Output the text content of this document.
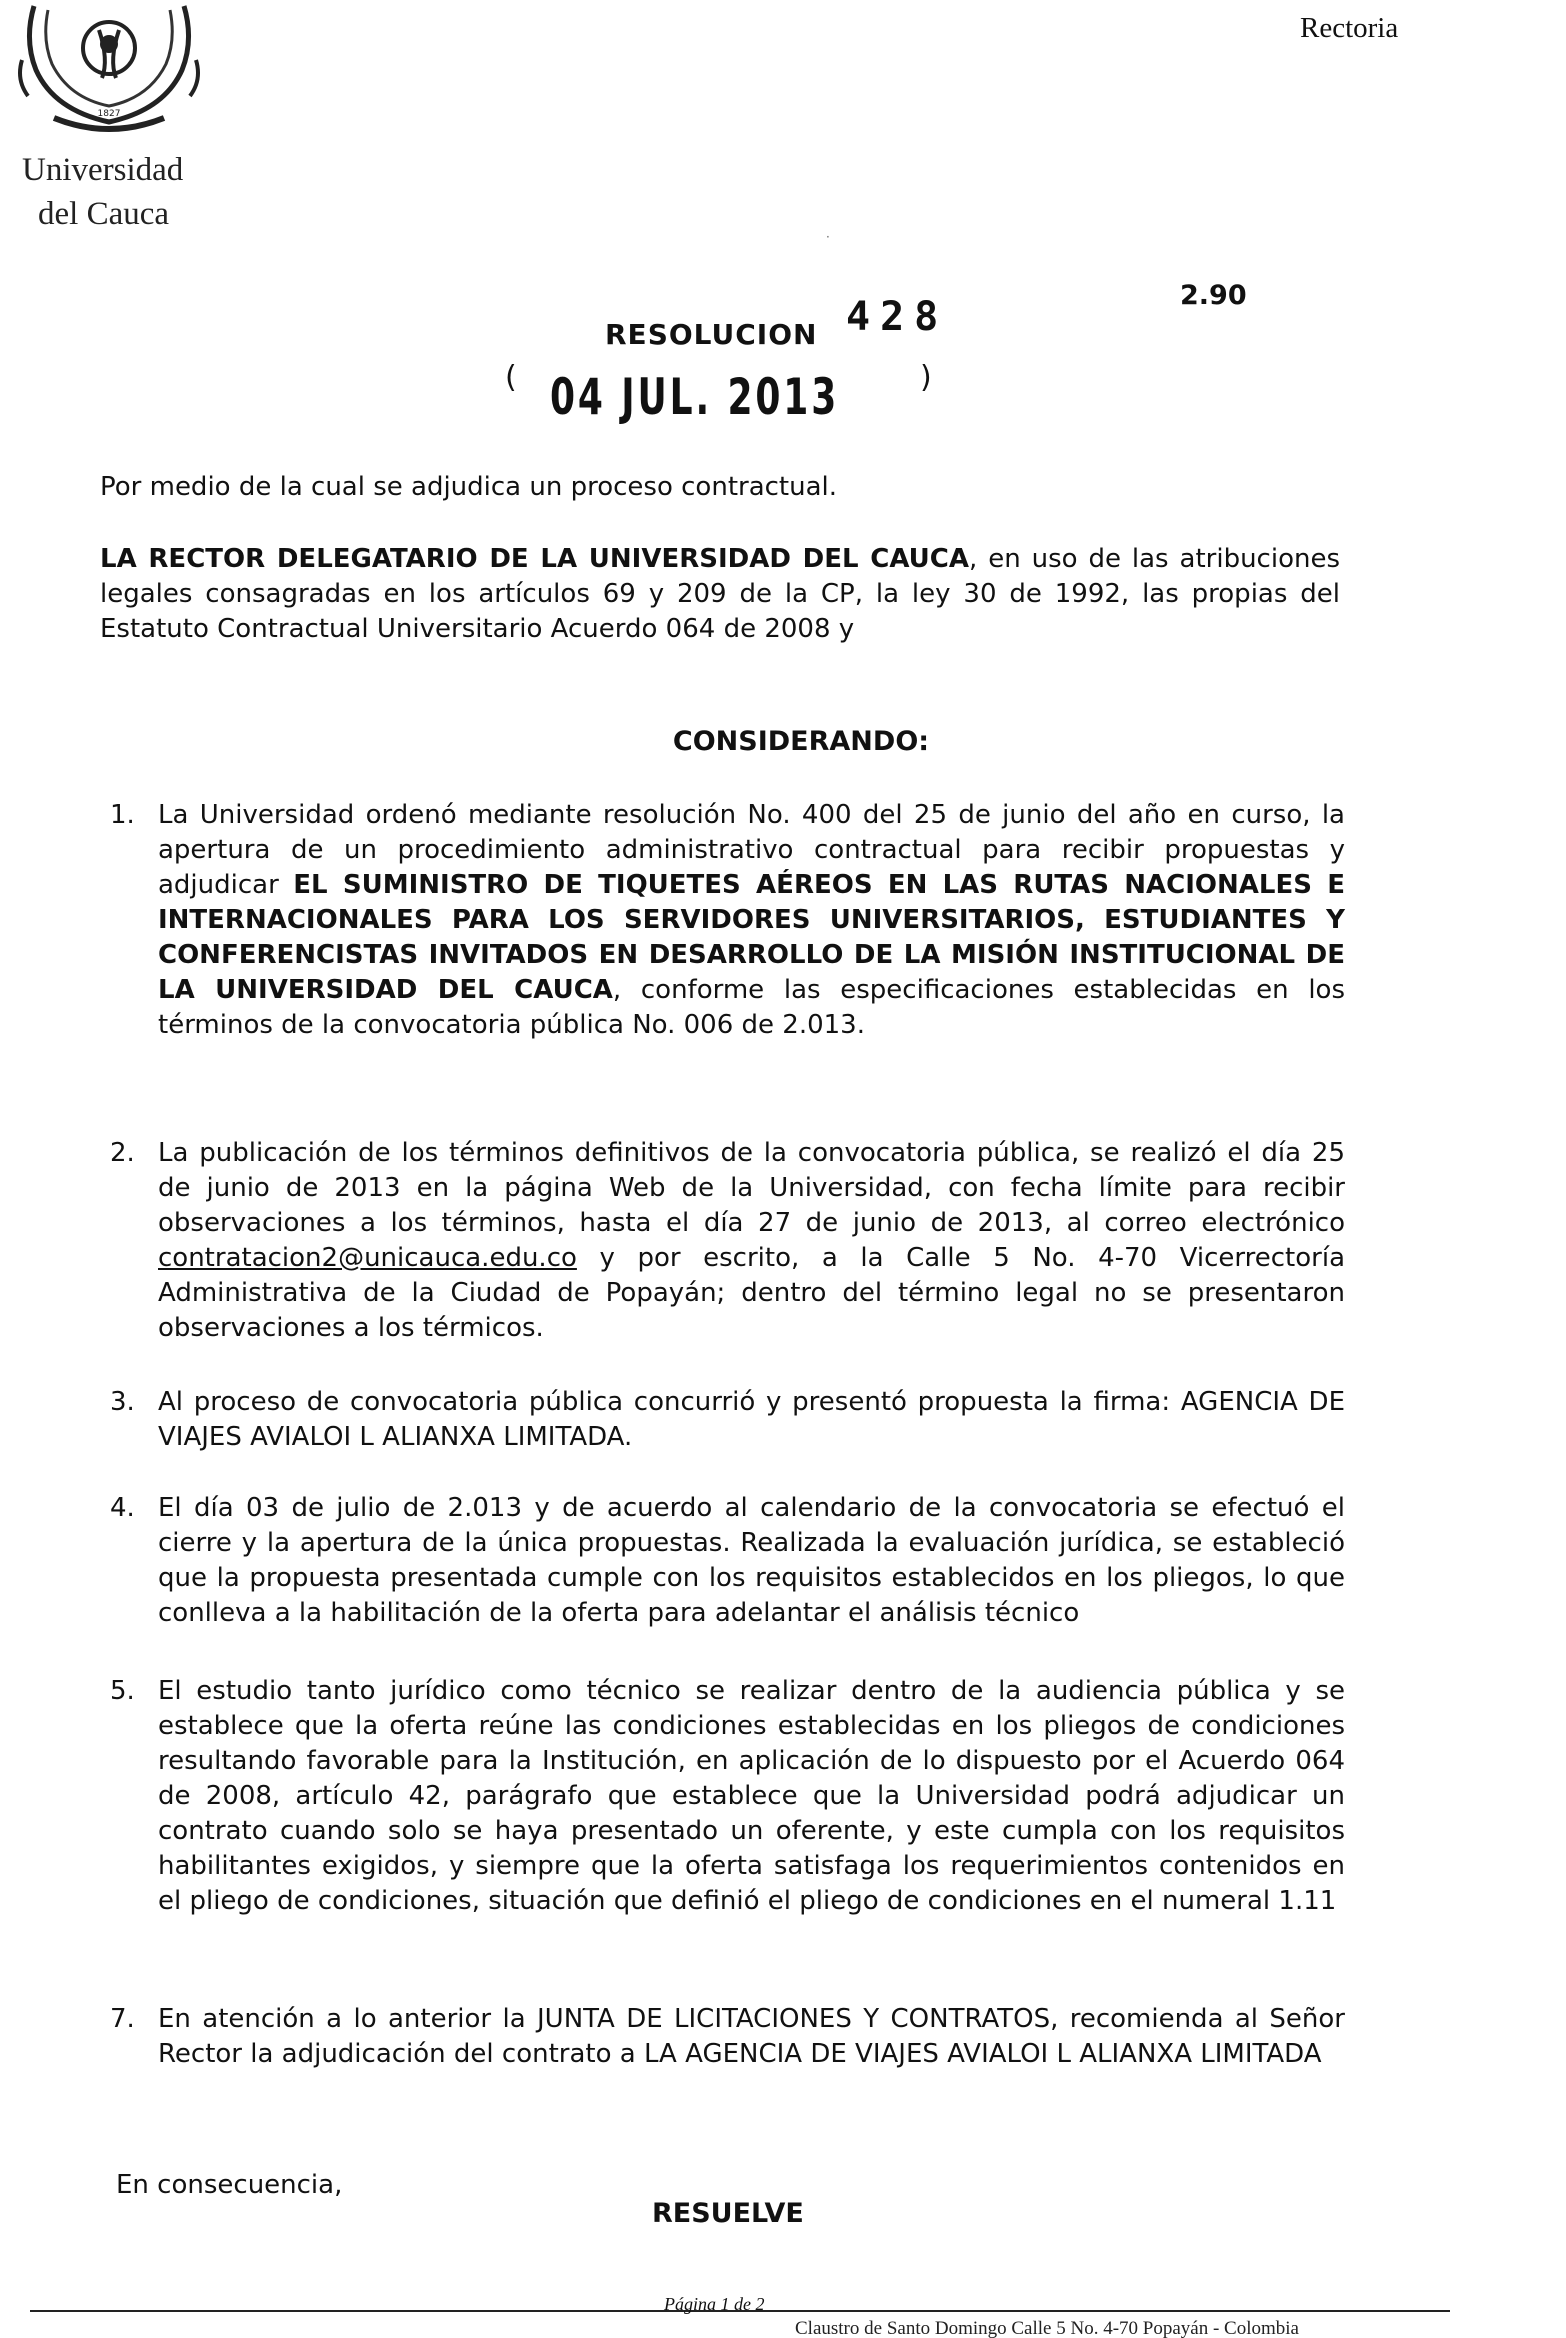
1827
Universidad
del Cauca
Rectoria
·
2.90
RESOLUCION 428
( 04 JUL. 2013	)
Por medio de la cual se adjudica un proceso contractual.
LA RECTOR DELEGATARIO DE LA UNIVERSIDAD DEL CAUCA, en uso de las atribuciones legales consagradas en los artículos 69 y 209 de la CP, la ley 30 de 1992, las propias del Estatuto Contractual Universitario Acuerdo 064 de 2008 y
CONSIDERANDO:
1. La Universidad ordenó mediante resolución No. 400 del 25 de junio del año en curso, la apertura de un procedimiento administrativo contractual para recibir propuestas y adjudicar EL SUMINISTRO DE TIQUETES AÉREOS EN LAS RUTAS NACIONALES E INTERNACIONALES PARA LOS SERVIDORES UNIVERSITARIOS, ESTUDIANTES Y CONFERENCISTAS INVITADOS EN DESARROLLO DE LA MISIÓN INSTITUCIONAL DE LA UNIVERSIDAD DEL CAUCA, conforme las especificaciones establecidas en los términos de la convocatoria pública No. 006 de 2.013.
2. La publicación de los términos definitivos de la convocatoria pública, se realizó el día 25 de junio de 2013 en la página Web de la Universidad, con fecha límite para recibir observaciones a los términos, hasta el día 27 de junio de 2013, al correo electrónico contratacion2@unicauca.edu.co y por escrito, a la Calle 5 No. 4-70 Vicerrectoría Administrativa de la Ciudad de Popayán; dentro del término legal no se presentaron observaciones a los térmicos.
3. Al proceso de convocatoria pública concurrió y presentó propuesta la firma: AGENCIA DE VIAJES AVIALOI L ALIANXA LIMITADA.
4. El día 03 de julio de 2.013 y de acuerdo al calendario de la convocatoria se efectuó el cierre y la apertura de la única propuestas. Realizada la evaluación jurídica, se estableció que la propuesta presentada cumple con los requisitos establecidos en los pliegos, lo que conlleva a la habilitación de la oferta para adelantar el análisis técnico
5. El estudio tanto jurídico como técnico se realizar dentro de la audiencia pública y se establece que la oferta reúne las condiciones establecidas en los pliegos de condiciones resultando favorable para la Institución, en aplicación de lo dispuesto por el Acuerdo 064 de 2008, artículo 42, parágrafo que establece que la Universidad podrá adjudicar un contrato cuando solo se haya presentado un oferente, y este cumpla con los requisitos habilitantes exigidos, y siempre que la oferta satisfaga los requerimientos contenidos en el pliego de condiciones, situación que definió el pliego de condiciones en el numeral 1.11
7. En atención a lo anterior la JUNTA DE LICITACIONES Y CONTRATOS, recomienda al Señor Rector la adjudicación del contrato a LA AGENCIA DE VIAJES AVIALOI L ALIANXA LIMITADA
En consecuencia,
RESUELVE
Página 1 de 2
Claustro de Santo Domingo Calle 5 No. 4-70 Popayán - Colombia
